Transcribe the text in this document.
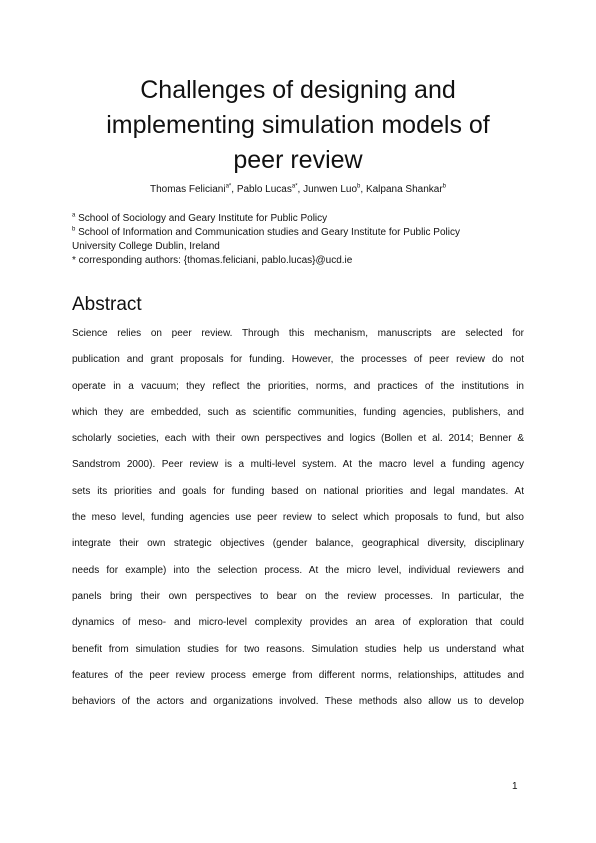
Challenges of designing and
implementing simulation models of
peer review
Thomas Feliciani$^{a*}$, Pablo Lucas$^{a*}$, Junwen Luo$^b$, Kalpana Shankar$^b$
$^a$ School of Sociology and Geary Institute for Public Policy
$^b$ School of Information and Communication studies and Geary Institute for Public Policy
University College Dublin, Ireland
* corresponding authors: {thomas.feliciani, pablo.lucas}@ucd.ie
Abstract
Science relies on peer review. Through this mechanism, manuscripts are selected for
publication and grant proposals for funding. However, the processes of peer review do not
operate in a vacuum; they reflect the priorities, norms, and practices of the institutions in
which they are embedded, such as scientific communities, funding agencies, publishers, and
scholarly societies, each with their own perspectives and logics (Bollen et al. 2014; Benner &
Sandstrom 2000). Peer review is a multi-level system. At the macro level a funding agency
sets its priorities and goals for funding based on national priorities and legal mandates. At
the meso level, funding agencies use peer review to select which proposals to fund, but also
integrate their own strategic objectives (gender balance, geographical diversity, disciplinary
needs for example) into the selection process. At the micro level, individual reviewers and
panels bring their own perspectives to bear on the review processes. In particular, the
dynamics of meso- and micro-level complexity provides an area of exploration that could
benefit from simulation studies for two reasons. Simulation studies help us understand what
features of the peer review process emerge from different norms, relationships, attitudes and
behaviors of the actors and organizations involved. These methods also allow us to develop
1
